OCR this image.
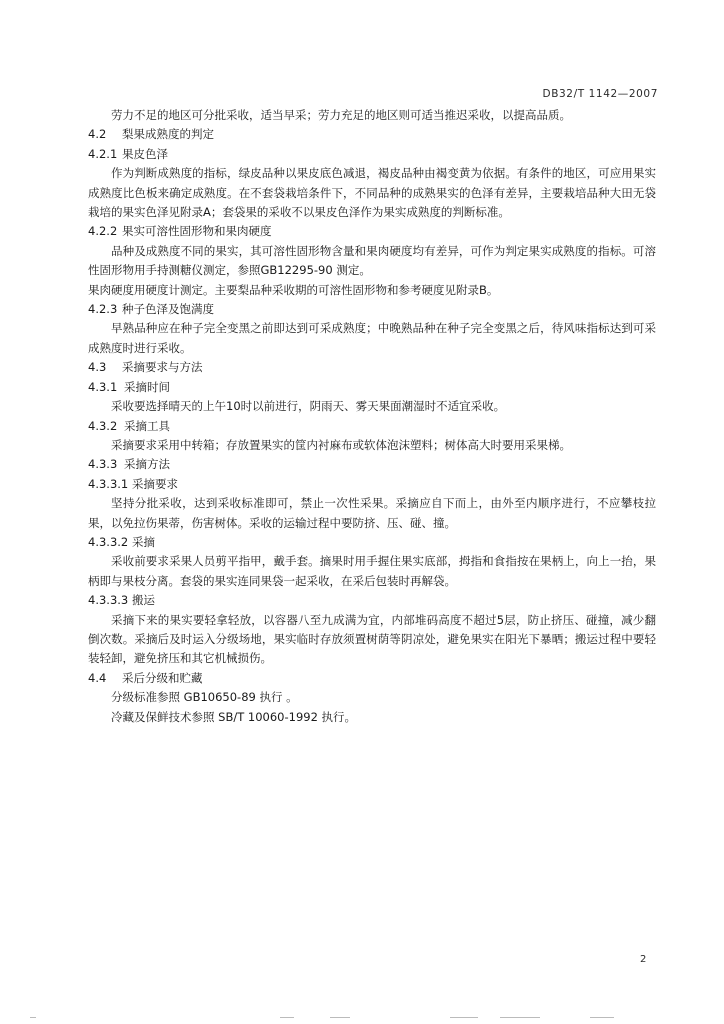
DB32/T 1142—2007

劳力不足的地区可分批采收，适当早采；劳力充足的地区则可适当推迟采收，以提高品质。

4.2 梨果成熟度的判定

4.2.1 果皮色泽

作为判断成熟度的指标，绿皮品种以果皮底色减退，褐皮品种由褐变黄为依据。有条件的地区，可应用果实成熟度比色板来确定成熟度。在不套袋栽培条件下，不同品种的成熟果实的色泽有差异，主要栽培品种大田无袋栽培的果实色泽见附录A；套袋果的采收不以果皮色泽作为果实成熟度的判断标准。

4.2.2 果实可溶性固形物和果肉硬度

品种及成熟度不同的果实，其可溶性固形物含量和果肉硬度均有差异，可作为判定果实成熟度的指标。可溶性固形物用手持测糖仪测定，参照GB12295-90 测定。

果肉硬度用硬度计测定。主要梨品种采收期的可溶性固形物和参考硬度见附录B。

4.2.3 种子色泽及饱满度

早熟品种应在种子完全变黑之前即达到可采成熟度；中晚熟品种在种子完全变黑之后，待风味指标达到可采成熟度时进行采收。

4.3 采摘要求与方法

4.3.1 采摘时间

采收要选择晴天的上午10时以前进行，阴雨天、雾天果面潮湿时不适宜采收。

4.3.2 采摘工具

采摘要求采用中转箱；存放置果实的筐内衬麻布或软体泡沫塑料；树体高大时要用采果梯。

4.3.3 采摘方法

4.3.3.1 采摘要求

坚持分批采收，达到采收标准即可，禁止一次性采果。采摘应自下而上，由外至内顺序进行，不应攀枝拉果，以免拉伤果蒂，伤害树体。采收的运输过程中要防挤、压、碰、撞。

4.3.3.2 采摘

采收前要求采果人员剪平指甲，戴手套。摘果时用手握住果实底部，拇指和食指按在果柄上，向上一抬，果柄即与果枝分离。套袋的果实连同果袋一起采收，在采后包装时再解袋。

4.3.3.3 搬运

采摘下来的果实要轻拿轻放，以容器八至九成满为宜，内部堆码高度不超过5层，防止挤压、碰撞，减少翻倒次数。采摘后及时运入分级场地，果实临时存放须置树荫等阴凉处，避免果实在阳光下暴晒；搬运过程中要轻装轻卸，避免挤压和其它机械损伤。

4.4 采后分级和贮藏

分级标准参照 GB10650-89 执行 。

冷藏及保鲜技术参照 SB/T 10060-1992 执行。

2
